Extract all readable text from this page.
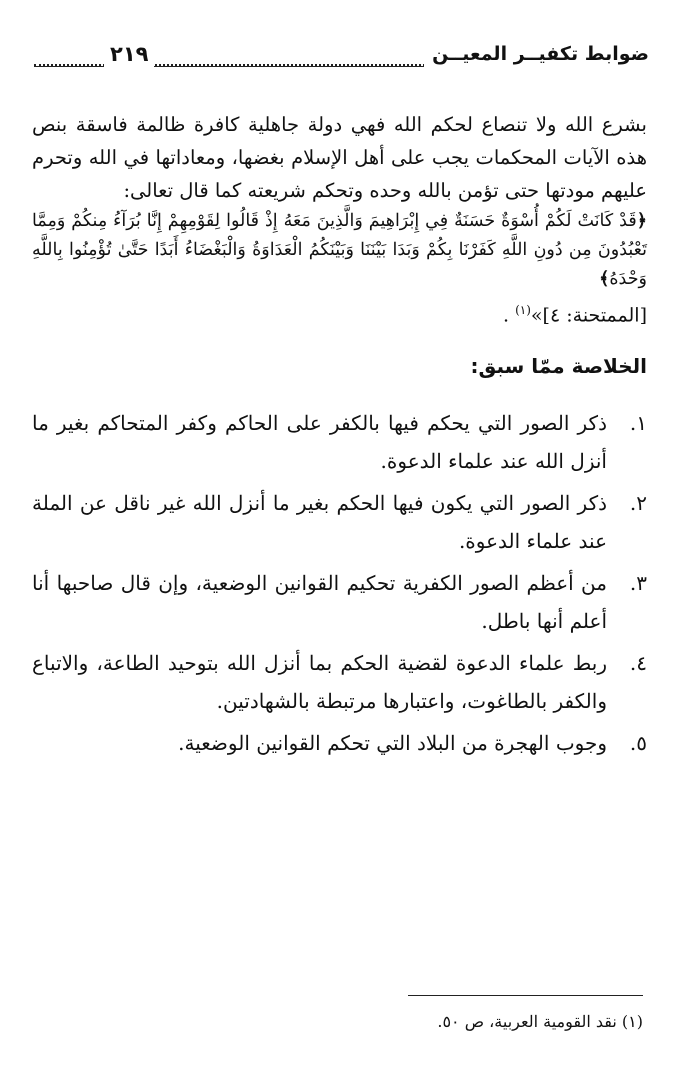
ضوابط تكفيــر المعيــن
٢١٩

بشرع الله ولا تنصاع لحكم الله فهي دولة جاهلية كافرة ظالمة فاسقة بنص هذه الآيات المحكمات يجب على أهل الإسلام بغضها، ومعاداتها في الله وتحرم عليهم مودتها حتى تؤمن بالله وحده وتحكم شريعته كما قال تعالى:

﴿قَدْ كَانَتْ لَكُمْ أُسْوَةٌ حَسَنَةٌ فِي إِبْرَاهِيمَ وَالَّذِينَ مَعَهُ إِذْ قَالُوا لِقَوْمِهِمْ إِنَّا بُرَآءُ مِنكُمْ وَمِمَّا تَعْبُدُونَ مِن دُونِ اللَّهِ كَفَرْنَا بِكُمْ وَبَدَا بَيْنَنَا وَبَيْنَكُمُ الْعَدَاوَةُ وَالْبَغْضَاءُ أَبَدًا حَتَّىٰ تُؤْمِنُوا بِاللَّهِ وَحْدَهُ﴾

[الممتحنة: ٤]»$^{(١)}$ .

الخلاصة ممّا سبق:
١.
ذكر الصور التي يحكم فيها بالكفر على الحاكم وكفر المتحاكم بغير ما أنزل الله عند علماء الدعوة.
٢.
ذكر الصور التي يكون فيها الحكم بغير ما أنزل الله غير ناقل عن الملة عند علماء الدعوة.
٣.
من أعظم الصور الكفرية تحكيم القوانين الوضعية، وإن قال صاحبها أنا أعلم أنها باطل.
٤.
ربط علماء الدعوة لقضية الحكم بما أنزل الله بتوحيد الطاعة، والاتباع والكفر بالطاغوت، واعتبارها مرتبطة بالشهادتين.
٥.
وجوب الهجرة من البلاد التي تحكم القوانين الوضعية.
(١) نقد القومية العربية، ص ٥٠.
